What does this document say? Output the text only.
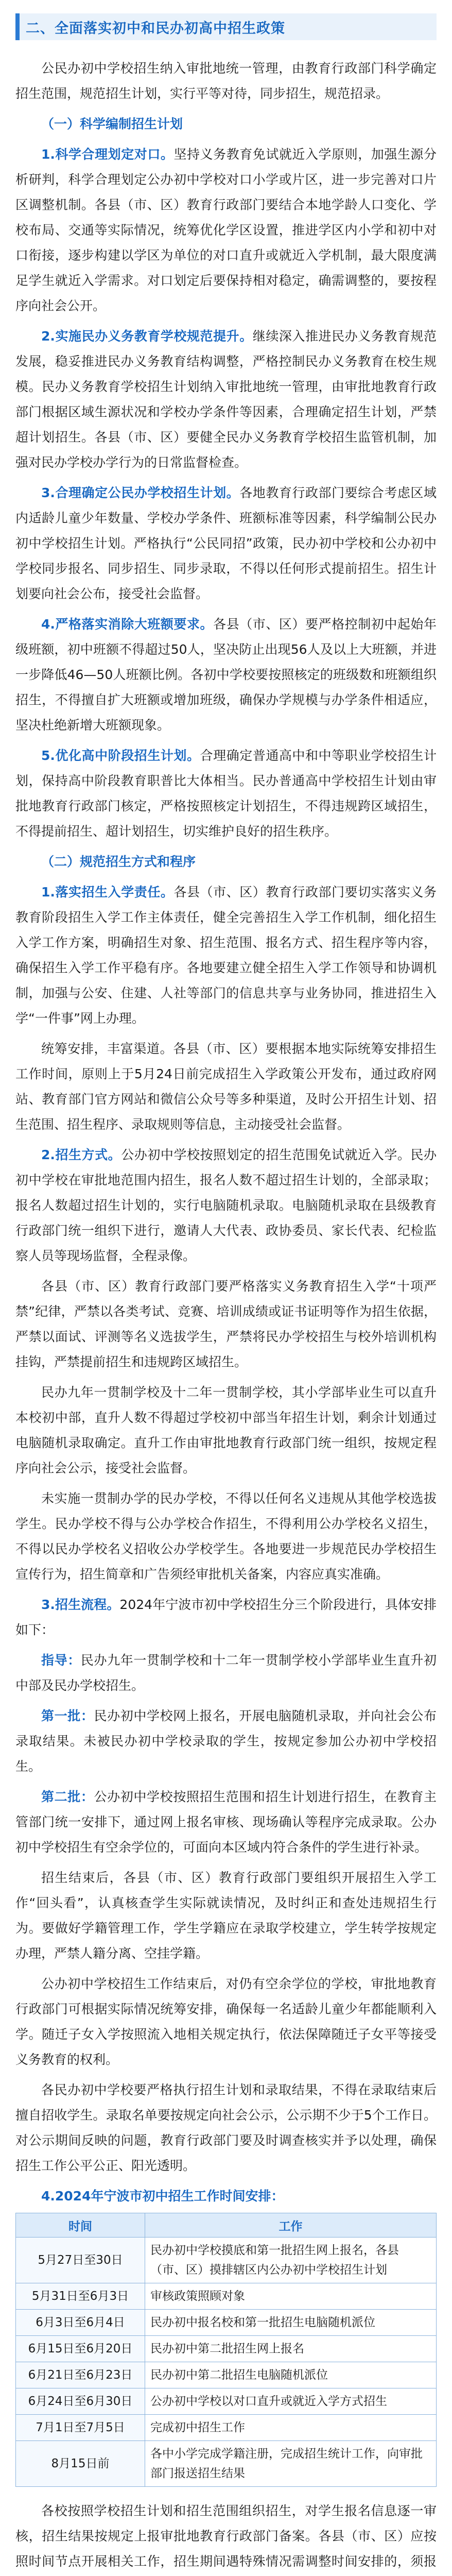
二、全面落实初中和民办初高中招生政策

公民办初中学校招生纳入审批地统一管理，由教育行政部门科学确定招生范围，规范招生计划，实行平等对待，同步招生，规范招录。

（一）科学编制招生计划

1.科学合理划定对口。坚持义务教育免试就近入学原则，加强生源分析研判，科学合理划定公办初中学校对口小学或片区，进一步完善对口片区调整机制。各县（市、区）教育行政部门要结合本地学龄人口变化、学校布局、交通等实际情况，统筹优化学区设置，推进学区内小学和初中对口衔接，逐步构建以学区为单位的对口直升或就近入学机制，最大限度满足学生就近入学需求。对口划定后要保持相对稳定，确需调整的，要按程序向社会公开。

2.实施民办义务教育学校规范提升。继续深入推进民办义务教育规范发展，稳妥推进民办义务教育结构调整，严格控制民办义务教育在校生规模。民办义务教育学校招生计划纳入审批地统一管理，由审批地教育行政部门根据区域生源状况和学校办学条件等因素，合理确定招生计划，严禁超计划招生。各县（市、区）要健全民办义务教育学校招生监管机制，加强对民办学校办学行为的日常监督检查。

3.合理确定公民办学校招生计划。各地教育行政部门要综合考虑区域内适龄儿童少年数量、学校办学条件、班额标准等因素，科学编制公民办初中学校招生计划。严格执行“公民同招”政策，民办初中学校和公办初中学校同步报名、同步招生、同步录取，不得以任何形式提前招生。招生计划要向社会公布，接受社会监督。

4.严格落实消除大班额要求。各县（市、区）要严格控制初中起始年级班额，初中班额不得超过50人，坚决防止出现56人及以上大班额，并进一步降低46—50人班额比例。各初中学校要按照核定的班级数和班额组织招生，不得擅自扩大班额或增加班级，确保办学规模与办学条件相适应，坚决杜绝新增大班额现象。

5.优化高中阶段招生计划。合理确定普通高中和中等职业学校招生计划，保持高中阶段教育职普比大体相当。民办普通高中学校招生计划由审批地教育行政部门核定，严格按照核定计划招生，不得违规跨区域招生，不得提前招生、超计划招生，切实维护良好的招生秩序。

（二）规范招生方式和程序

1.落实招生入学责任。各县（市、区）教育行政部门要切实落实义务教育阶段招生入学工作主体责任，健全完善招生入学工作机制，细化招生入学工作方案，明确招生对象、招生范围、报名方式、招生程序等内容，确保招生入学工作平稳有序。各地要建立健全招生入学工作领导和协调机制，加强与公安、住建、人社等部门的信息共享与业务协同，推进招生入学“一件事”网上办理。

统筹安排，丰富渠道。各县（市、区）要根据本地实际统筹安排招生工作时间，原则上于5月24日前完成招生入学政策公开发布，通过政府网站、教育部门官方网站和微信公众号等多种渠道，及时公开招生计划、招生范围、招生程序、录取规则等信息，主动接受社会监督。

2.招生方式。公办初中学校按照划定的招生范围免试就近入学。民办初中学校在审批地范围内招生，报名人数不超过招生计划的，全部录取；报名人数超过招生计划的，实行电脑随机录取。电脑随机录取在县级教育行政部门统一组织下进行，邀请人大代表、政协委员、家长代表、纪检监察人员等现场监督，全程录像。

各县（市、区）教育行政部门要严格落实义务教育招生入学“十项严禁”纪律，严禁以各类考试、竞赛、培训成绩或证书证明等作为招生依据，严禁以面试、评测等名义选拔学生，严禁将民办学校招生与校外培训机构挂钩，严禁提前招生和违规跨区域招生。

民办九年一贯制学校及十二年一贯制学校，其小学部毕业生可以直升本校初中部，直升人数不得超过学校初中部当年招生计划，剩余计划通过电脑随机录取确定。直升工作由审批地教育行政部门统一组织，按规定程序向社会公示，接受社会监督。

未实施一贯制办学的民办学校，不得以任何名义违规从其他学校选拔学生。民办学校不得与公办学校合作招生，不得利用公办学校名义招生，不得以民办学校名义招收公办学校学生。各地要进一步规范民办学校招生宣传行为，招生简章和广告须经审批机关备案，内容应真实准确。

3.招生流程。2024年宁波市初中学校招生分三个阶段进行，具体安排如下：

指导：民办九年一贯制学校和十二年一贯制学校小学部毕业生直升初中部及民办学校招生。

第一批：民办初中学校网上报名，开展电脑随机录取，并向社会公布录取结果。未被民办初中学校录取的学生，按规定参加公办初中学校招生。

第二批：公办初中学校按照招生范围和招生计划进行招生，在教育主管部门统一安排下，通过网上报名审核、现场确认等程序完成录取。公办初中学校招生有空余学位的，可面向本区域内符合条件的学生进行补录。

招生结束后，各县（市、区）教育行政部门要组织开展招生入学工作“回头看”，认真核查学生实际就读情况，及时纠正和查处违规招生行为。要做好学籍管理工作，学生学籍应在录取学校建立，学生转学按规定办理，严禁人籍分离、空挂学籍。

公办初中学校招生工作结束后，对仍有空余学位的学校，审批地教育行政部门可根据实际情况统筹安排，确保每一名适龄儿童少年都能顺利入学。随迁子女入学按照流入地相关规定执行，依法保障随迁子女平等接受义务教育的权利。

各民办初中学校要严格执行招生计划和录取结果，不得在录取结束后擅自招收学生。录取名单要按规定向社会公示，公示期不少于5个工作日。对公示期间反映的问题，教育行政部门要及时调查核实并予以处理，确保招生工作公平公正、阳光透明。

4.2024年宁波市初中招生工作时间安排：
时间	工作
5月27日至30日	民办初中学校摸底和第一批招生网上报名，各县（市、区）摸排辖区内公办初中学校招生计划
5月31日至6月3日	审核政策照顾对象
6月3日至6月4日	民办初中报名校和第一批招生电脑随机派位
6月15日至6月20日	民办初中第二批招生网上报名
6月21日至6月23日	民办初中第二批招生电脑随机派位
6月24日至6月30日	公办初中学校以对口直升或就近入学方式招生
7月1日至7月5日	完成初中招生工作
8月15日前	各中小学完成学籍注册，完成招生统计工作，向审批部门报送招生结果

各校按照学校招生计划和招生范围组织招生，对学生报名信息逐一审核，招生结果按规定上报审批地教育行政部门备案。各县（市、区）应按照时间节点开展相关工作，招生期间遇特殊情况需调整时间安排的，须报
